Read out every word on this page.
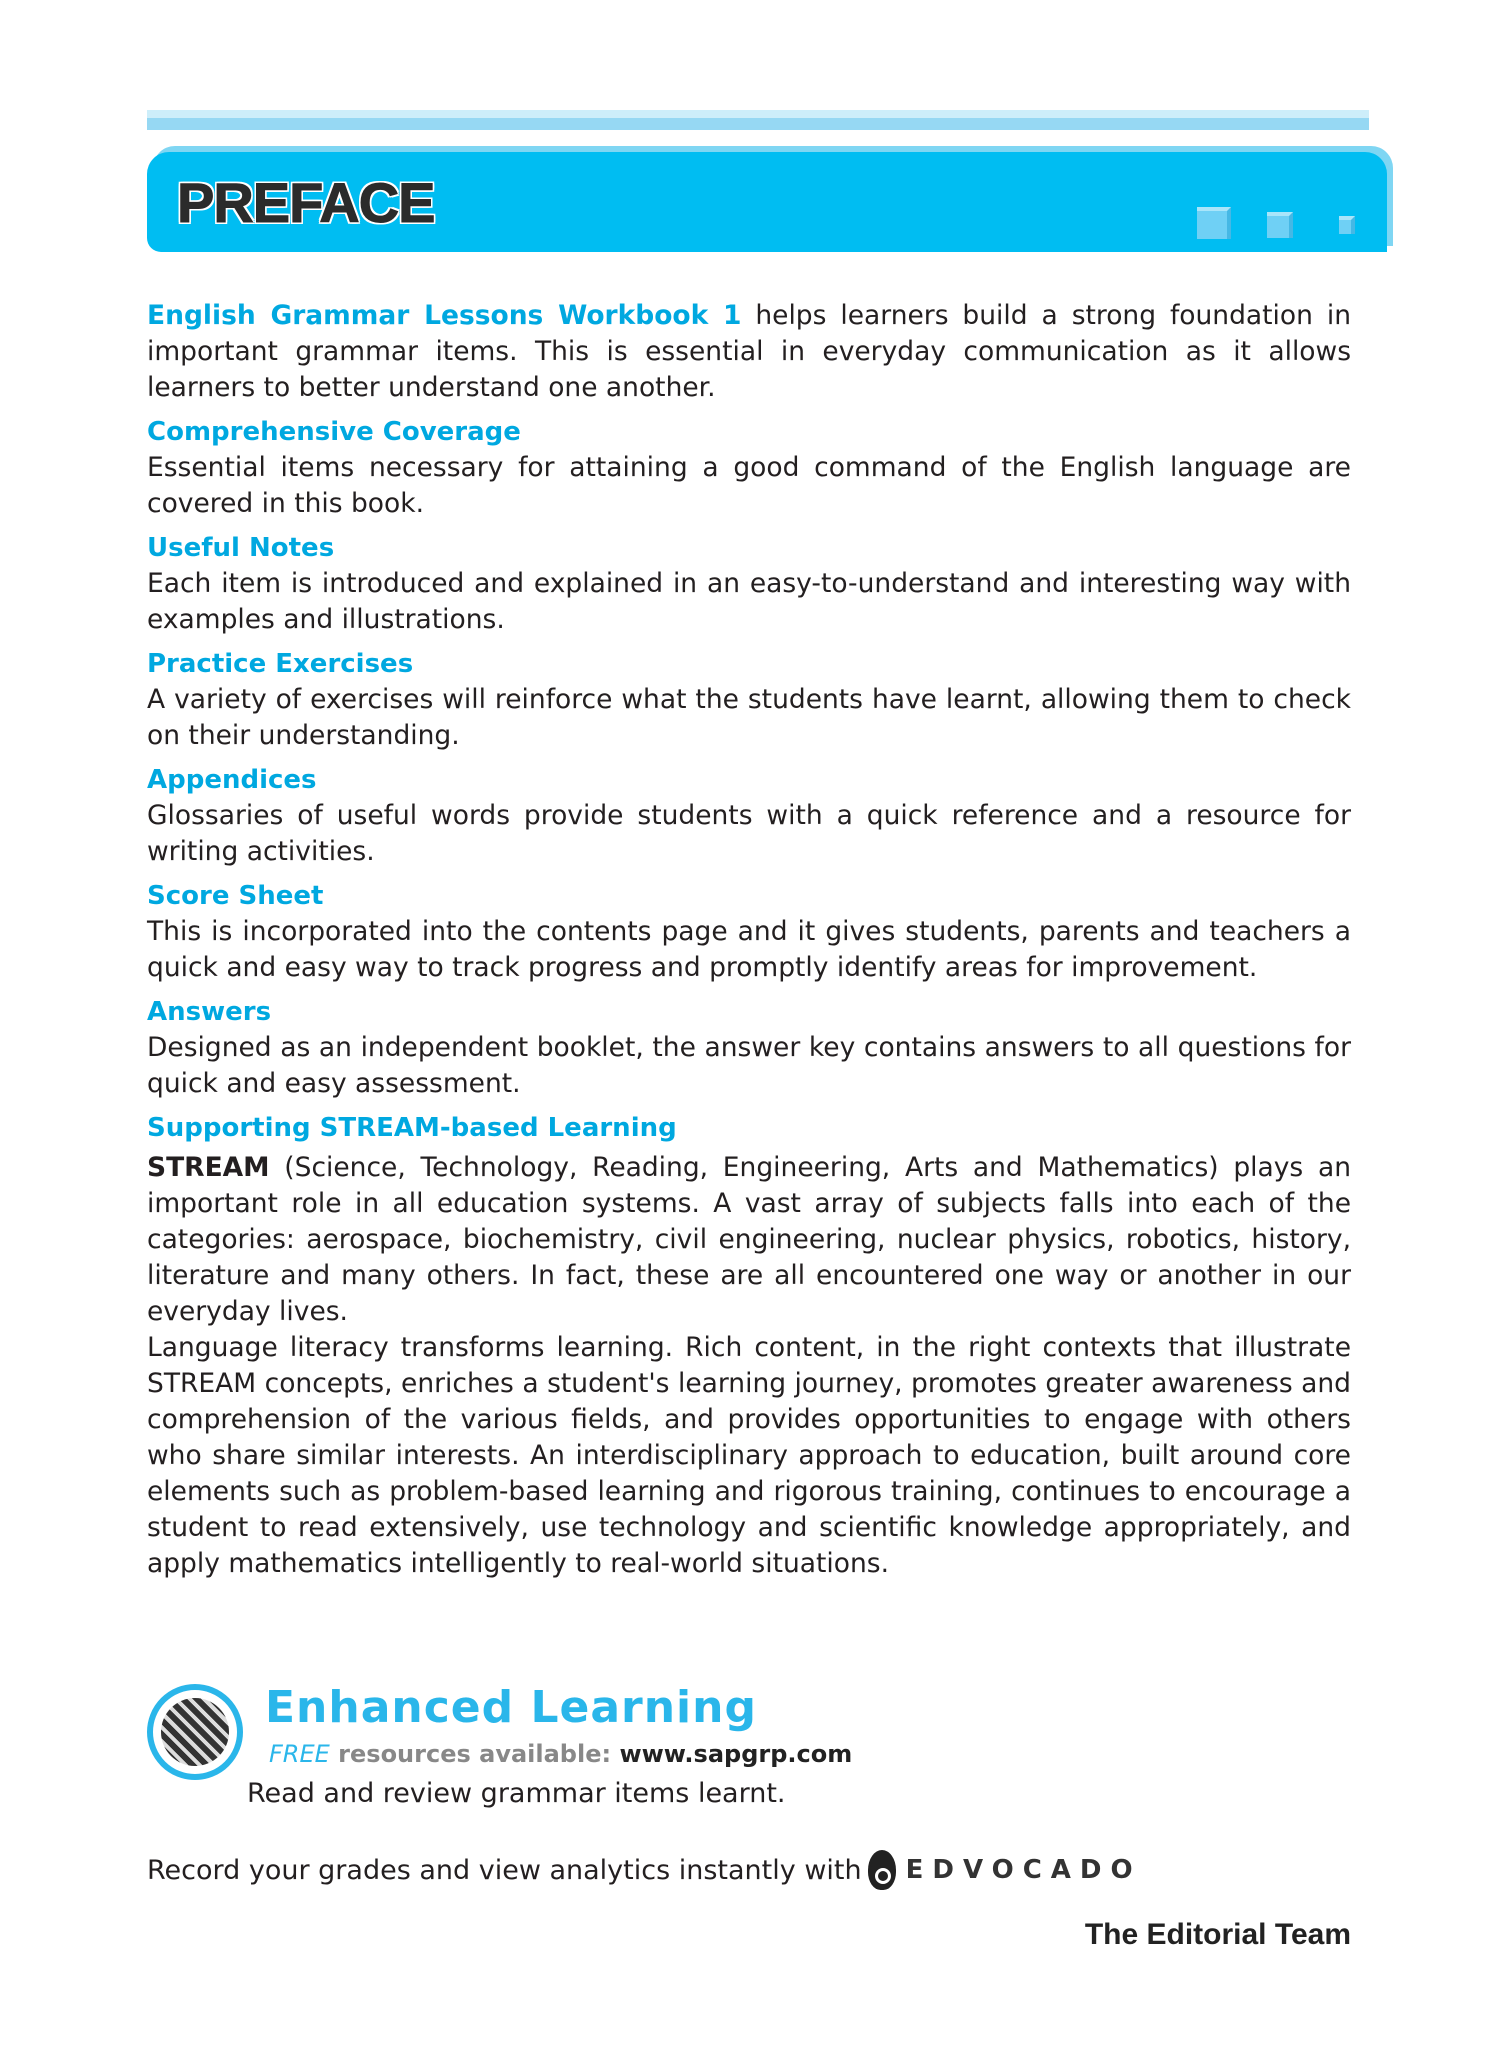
PREFACE

English Grammar Lessons Workbook 1 helps learners build a strong foundation in important grammar items. This is essential in everyday communication as it allows learners to better understand one another.

Comprehensive Coverage

Essential items necessary for attaining a good command of the English language are covered in this book.

Useful Notes

Each item is introduced and explained in an easy-to-understand and interesting way with examples and illustrations.

Practice Exercises

A variety of exercises will reinforce what the students have learnt, allowing them to check on their understanding.

Appendices

Glossaries of useful words provide students with a quick reference and a resource for writing activities.

Score Sheet

This is incorporated into the contents page and it gives students, parents and teachers a quick and easy way to track progress and promptly identify areas for improvement.

Answers

Designed as an independent booklet, the answer key contains answers to all questions for quick and easy assessment.

Supporting STREAM-based Learning

STREAM (Science, Technology, Reading, Engineering, Arts and Mathematics) plays an important role in all education systems. A vast array of subjects falls into each of the categories: aerospace, biochemistry, civil engineering, nuclear physics, robotics, history, literature and many others. In fact, these are all encountered one way or another in our everyday lives.

Language literacy transforms learning. Rich content, in the right contexts that illustrate STREAM concepts, enriches a student's learning journey, promotes greater awareness and comprehension of the various fields, and provides opportunities to engage with others who share similar interests. An interdisciplinary approach to education, built around core elements such as problem-based learning and rigorous training, continues to encourage a student to read extensively, use technology and scientific knowledge appropriately, and apply mathematics intelligently to real-world situations.

Enhanced Learning
FREE resources available: www.sapgrp.com
Read and review grammar items learnt.
Record your grades and view analytics instantly with EDVOCADO
The Editorial Team
